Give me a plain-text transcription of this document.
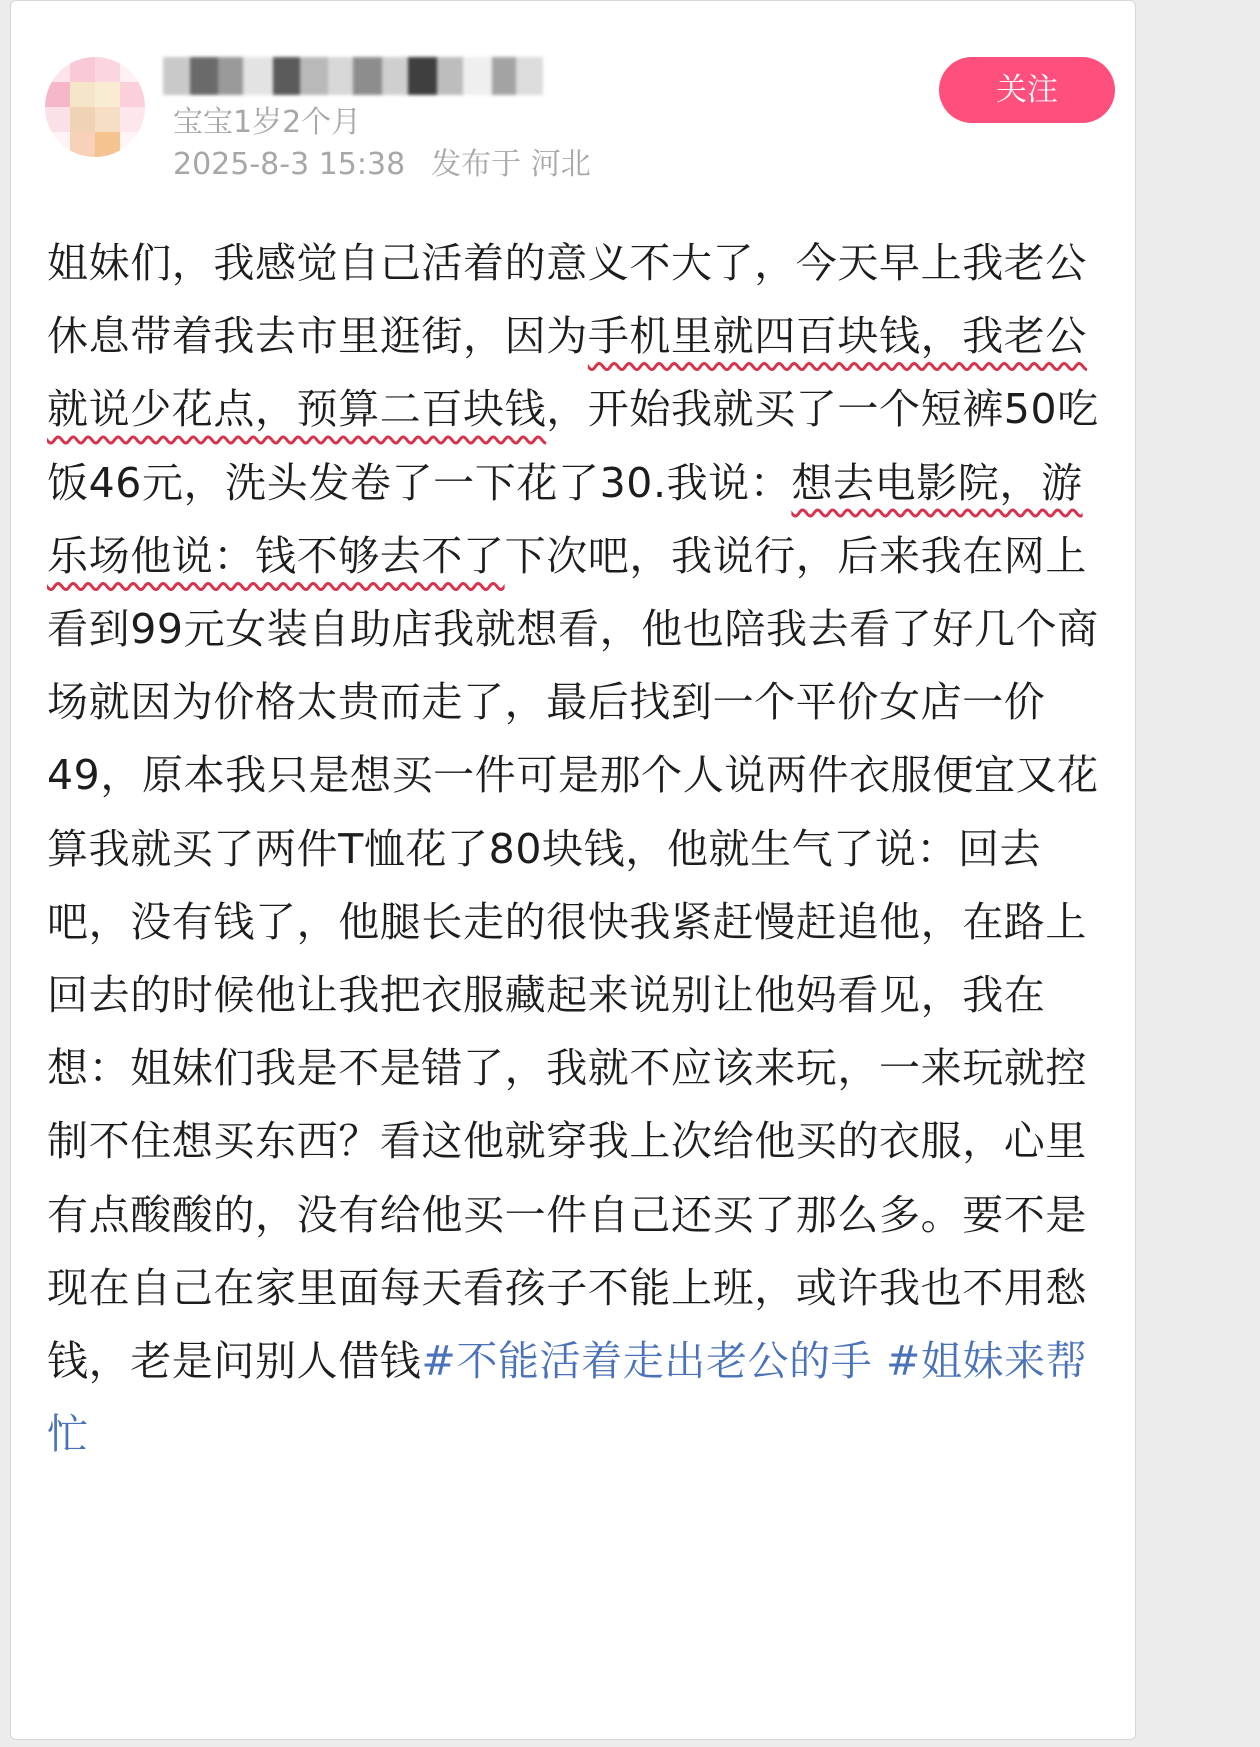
宝宝1岁2个月
2025-8-3 15:38 发布于 河北
关注

姐妹们，我感觉自己活着的意义不大了，今天早上我老公休息带着我去市里逛街，因为手机里就四百块钱，我老公就说少花点，预算二百块钱，开始我就买了一个短裤50吃饭46元，洗头发卷了一下花了30.我说：想去电影院，游乐场他说：钱不够去不了下次吧，我说行，后来我在网上看到99元女装自助店我就想看，他也陪我去看了好几个商场就因为价格太贵而走了，最后找到一个平价女店一价49，原本我只是想买一件可是那个人说两件衣服便宜又花算我就买了两件T恤花了80块钱，他就生气了说：回去吧，没有钱了，他腿长走的很快我紧赶慢赶追他，在路上回去的时候他让我把衣服藏起来说别让他妈看见，我在想：姐妹们我是不是错了，我就不应该来玩，一来玩就控制不住想买东西？看这他就穿我上次给他买的衣服，心里有点酸酸的，没有给他买一件自己还买了那么多。要不是现在自己在家里面每天看孩子不能上班，或许我也不用愁钱，老是问别人借钱#不能活着走出老公的手 #姐妹来帮忙
